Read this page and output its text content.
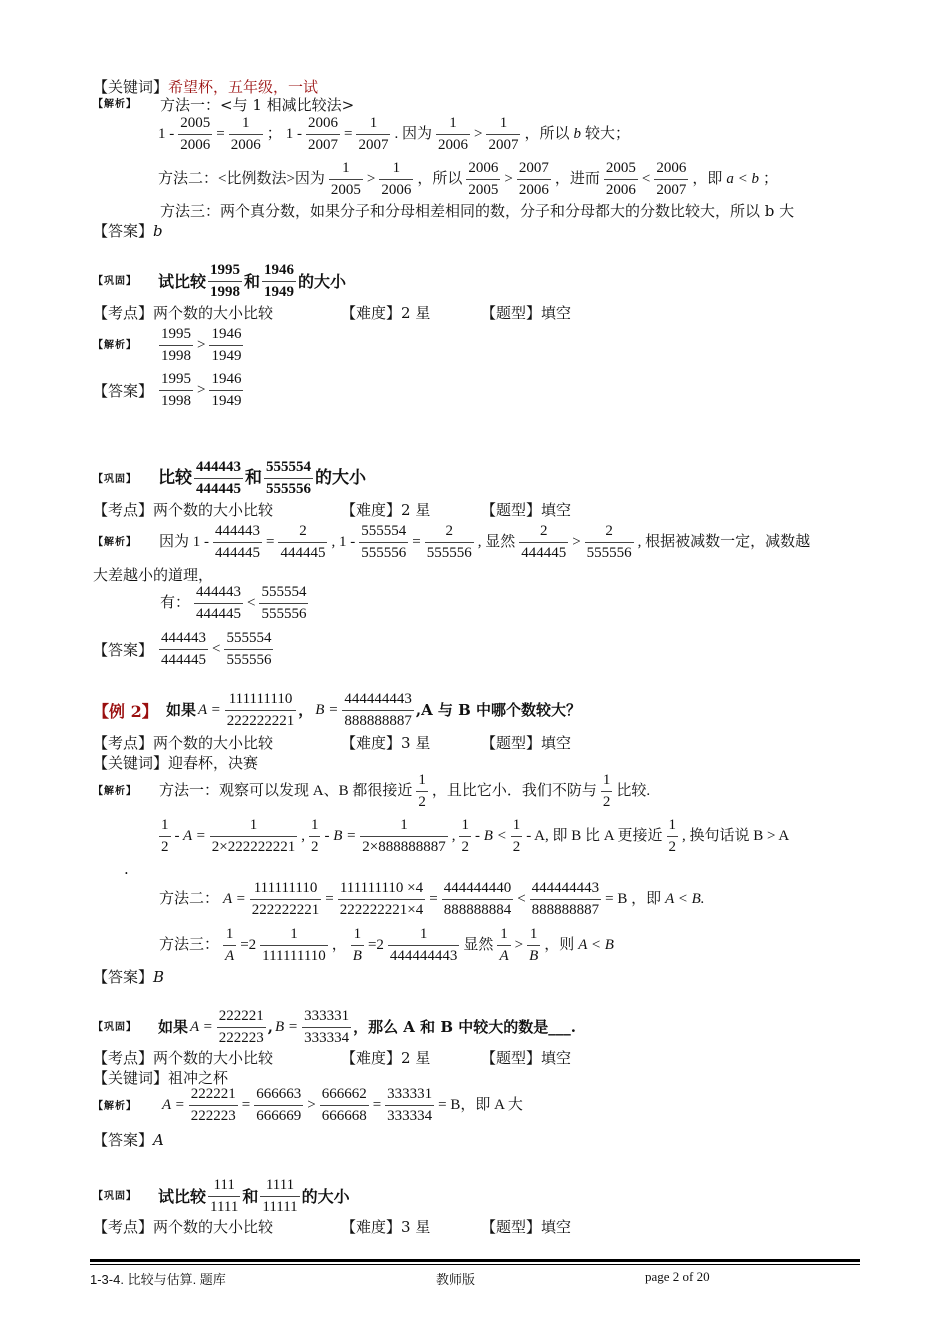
【关键词】希望杯，五年级，一试
【解析】 方法一：<与 1 相减比较法>
$1 - \frac{2005}{2006} = \frac{1}{2006}$ ； $1 - \frac{2006}{2007} = \frac{1}{2007}$ . 因为 $\frac{1}{2006} > \frac{1}{2007}$ ，所以 b 较大；
方法二：<比例数法>因为 $\frac{1}{2005} > \frac{1}{2006}$ ，所以 $\frac{2006}{2005} > \frac{2007}{2006}$ ，进而 $\frac{2005}{2006} < \frac{2006}{2007}$ ，即 a < b ；
方法三：两个真分数，如果分子和分母相差相同的数，分子和分母都大的分数比较大，所以 b 大
【答案】b
【巩固】 试比较 $\frac{1995}{1998}$ 和 $\frac{1946}{1949}$ 的大小
【考点】两个数的大小比较	【难度】2 星	【题型】填空
【解析】 $\frac{1995}{1998} > \frac{1946}{1949}$
【答案】 $\frac{1995}{1998} > \frac{1946}{1949}$
【巩固】 比较 $\frac{444443}{444445}$ 和 $\frac{555554}{555556}$ 的大小
【考点】两个数的大小比较	【难度】2 星	【题型】填空
【解析】 因为 $1 - \frac{444443}{444445} = \frac{2}{444445}$ , $1 - \frac{555554}{555556} = \frac{2}{555556}$ , 显然 $\frac{2}{444445} > \frac{2}{555556}$ , 根据被减数一定，减数越
大差越小的道理，
有： $\frac{444443}{444445} < \frac{555554}{555556}$
【答案】 $\frac{444443}{444445} < \frac{555554}{555556}$
【例 2】 如果 $A = \frac{111111110}{222222221}$ ， $B = \frac{444444443}{888888887} ,A$ 与 B 中哪个数较大？
【考点】两个数的大小比较	【难度】3 星	【题型】填空
【关键词】迎春杯，决赛
【解析】 方法一：观察可以发现 A、B 都很接近 $\frac{1}{2}$ ，且比它小．我们不防与 $\frac{1}{2}$ 比较.
$\frac{1}{2} - A = \frac{1}{2\times 222222221}$ , $\frac{1}{2} - B = \frac{1}{2\times 888888887}$ , $\frac{1}{2} - B < \frac{1}{2} - A$, 即 B 比 A 更接近 $\frac{1}{2}$ , 换句话说 B > A
.
方法二： $A = \frac{111111110}{222222221} = \frac{111111110 \times 4}{222222221\times 4} = \frac{444444440}{888888884} < \frac{444444443}{888888887} = B$ ，即 A < B.
方法三： $\frac{1}{A} =2 \frac{1}{111111110}$ ， $\frac{1}{B} =2 \frac{1}{444444443}$ 显然 $\frac{1}{A} > \frac{1}{B}$ ，则 A < B
【答案】B
【巩固】 如果 $A = \frac{222221}{222223}$ , $B = \frac{333331}{333334}$ ，那么 A 和 B 中较大的数是___.
【考点】两个数的大小比较	【难度】2 星	【题型】填空
【关键词】祖冲之杯
【解析】 $A = \frac{222221}{222223} = \frac{666663}{666669} > \frac{666662}{666668} = \frac{333331}{333334} = B$，即 A 大
【答案】A
【巩固】 试比较 $\frac{111}{1111}$ 和 $\frac{1111}{11111}$ 的大小
【考点】两个数的大小比较	【难度】3 星	【题型】填空
1-3-4. 比较与估算. 题库	教师版	page 2 of 20
